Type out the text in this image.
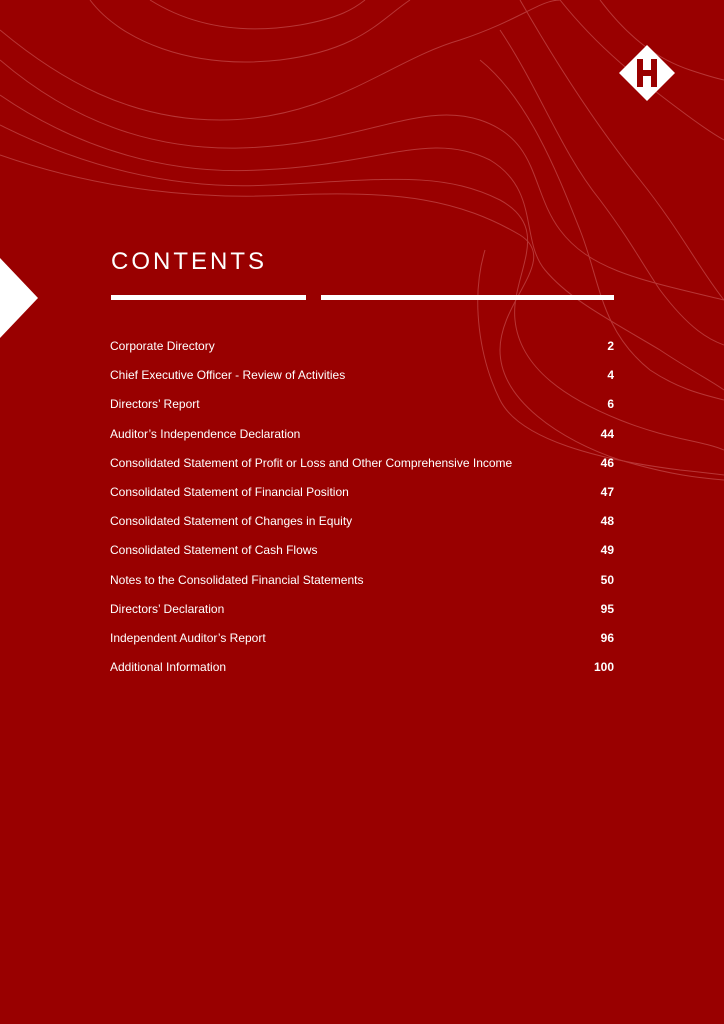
CONTENTS
Corporate Directory	2
Chief Executive Officer - Review of Activities	4
Directors’ Report	6
Auditor’s Independence Declaration	44
Consolidated Statement of Profit or Loss and Other Comprehensive Income	46
Consolidated Statement of Financial Position	47
Consolidated Statement of Changes in Equity	48
Consolidated Statement of Cash Flows	49
Notes to the Consolidated Financial Statements	50
Directors’ Declaration	95
Independent Auditor’s Report	96
Additional Information	100
